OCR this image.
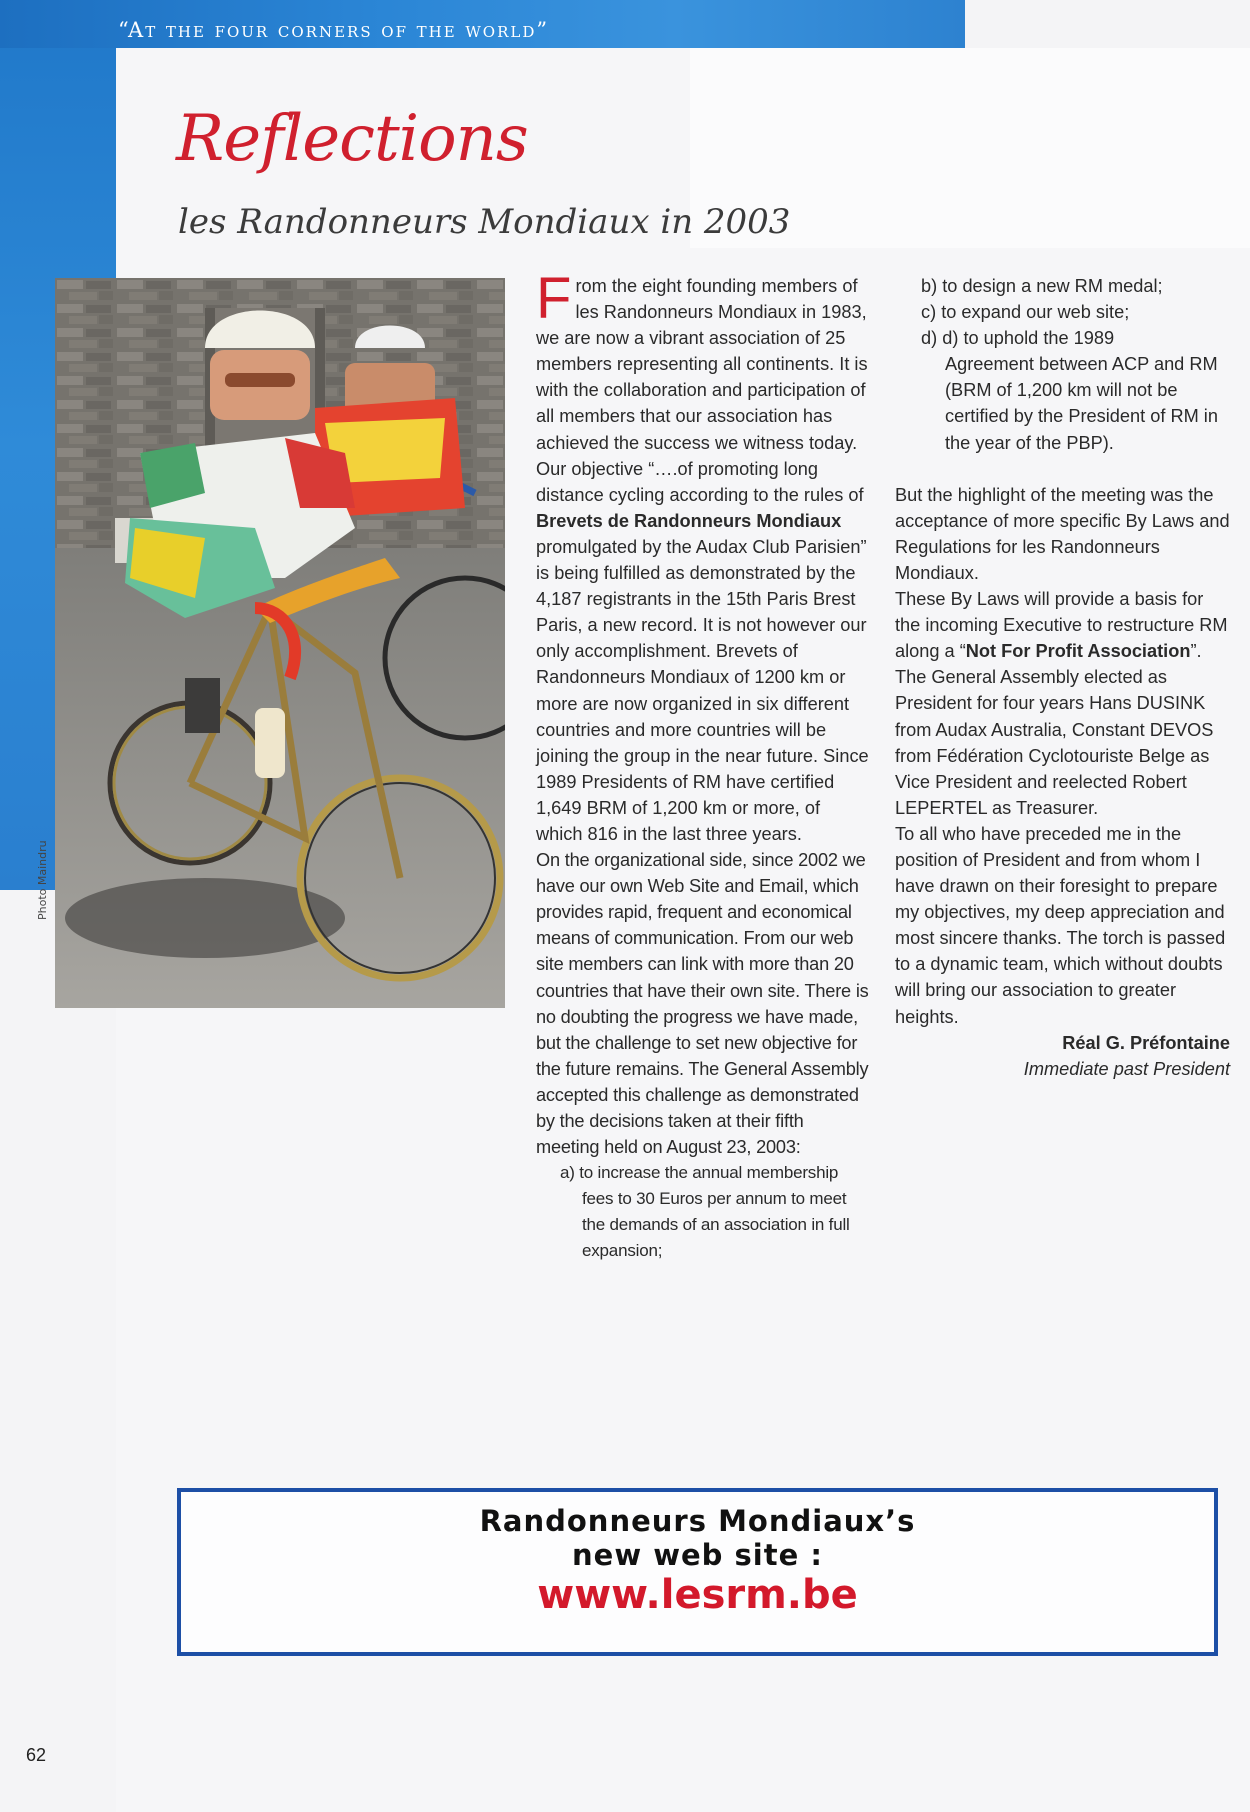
“At the four corners of the world”
Reflections
les Randonneurs Mondiaux in 2003
Photo Maindru

From the eight founding members of les Randonneurs Mondiaux in 1983, we are now a vibrant association of 25 members representing all continents. It is with the collaboration and participation of all members that our association has achieved the success we witness today.

Our objective “….of promoting long distance cycling according to the rules of Brevets de Randonneurs Mondiaux promulgated by the Audax Club Parisien” is being fulfilled as demonstrated by the 4,187 registrants in the 15th Paris Brest Paris, a new record. It is not however our only accomplishment. Brevets of Randonneurs Mondiaux of 1200 km or more are now organized in six different countries and more countries will be joining the group in the near future. Since 1989 Presidents of RM have certified 1,649 BRM of 1,200 km or more, of which 816 in the last three years.

On the organizational side, since 2002 we have our own Web Site and Email, which provides rapid, frequent and economical means of communication. From our web site members can link with more than 20 countries that have their own site. There is no doubting the progress we have made, but the challenge to set new objective for the future remains. The General Assembly accepted this challenge as demonstrated by the decisions taken at their fifth meeting held on August 23, 2003:

a) to increase the annual membership fees to 30 Euros per annum to meet the demands of an association in full expansion;

b) to design a new RM medal;

c) to expand our web site;

d) d) to uphold the 1989

Agreement between ACP and RM (BRM of 1,200 km will not be certified by the President of RM in the year of the PBP).

But the highlight of the meeting was the acceptance of more specific By Laws and Regulations for les Randonneurs Mondiaux.

These By Laws will provide a basis for the incoming Executive to restructure RM along a “Not For Profit Association”.

The General Assembly elected as President for four years Hans DUSINK from Audax Australia, Constant DEVOS from Fédération Cyclotouriste Belge as Vice President and reelected Robert LEPERTEL as Treasurer.

To all who have preceded me in the position of President and from whom I have drawn on their foresight to prepare my objectives, my deep appreciation and most sincere thanks. The torch is passed to a dynamic team, which without doubts will bring our association to greater heights.

Réal G. Préfontaine

Immediate past President

Randonneurs Mondiaux’s
new web site :
www.lesrm.be
62
